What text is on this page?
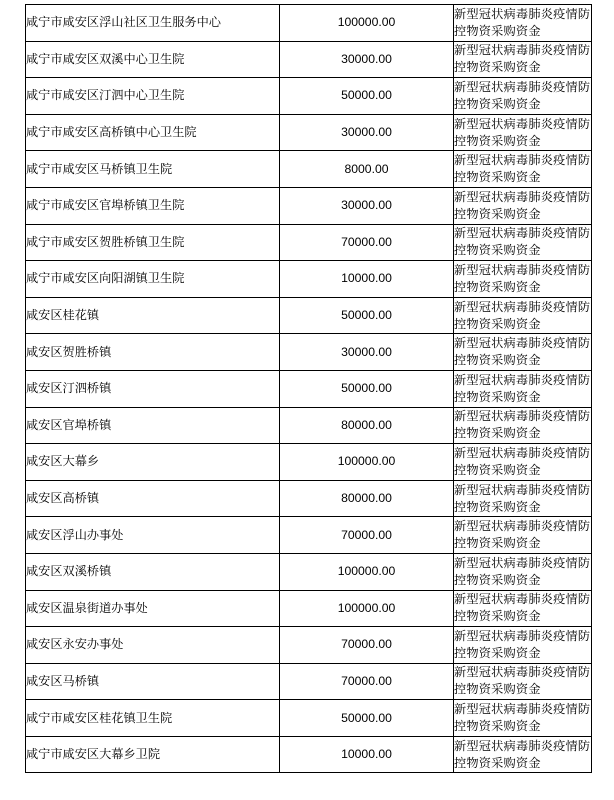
咸宁市咸安区浮山社区卫生服务中心	100000.00	新型冠状病毒肺炎疫情防控物资采购资金
咸宁市咸安区双溪中心卫生院	30000.00	新型冠状病毒肺炎疫情防控物资采购资金
咸宁市咸安区汀泗中心卫生院	50000.00	新型冠状病毒肺炎疫情防控物资采购资金
咸宁市咸安区高桥镇中心卫生院	30000.00	新型冠状病毒肺炎疫情防控物资采购资金
咸宁市咸安区马桥镇卫生院	8000.00	新型冠状病毒肺炎疫情防控物资采购资金
咸宁市咸安区官埠桥镇卫生院	30000.00	新型冠状病毒肺炎疫情防控物资采购资金
咸宁市咸安区贺胜桥镇卫生院	70000.00	新型冠状病毒肺炎疫情防控物资采购资金
咸宁市咸安区向阳湖镇卫生院	10000.00	新型冠状病毒肺炎疫情防控物资采购资金
咸安区桂花镇	50000.00	新型冠状病毒肺炎疫情防控物资采购资金
咸安区贺胜桥镇	30000.00	新型冠状病毒肺炎疫情防控物资采购资金
咸安区汀泗桥镇	50000.00	新型冠状病毒肺炎疫情防控物资采购资金
咸安区官埠桥镇	80000.00	新型冠状病毒肺炎疫情防控物资采购资金
咸安区大幕乡	100000.00	新型冠状病毒肺炎疫情防控物资采购资金
咸安区高桥镇	80000.00	新型冠状病毒肺炎疫情防控物资采购资金
咸安区浮山办事处	70000.00	新型冠状病毒肺炎疫情防控物资采购资金
咸安区双溪桥镇	100000.00	新型冠状病毒肺炎疫情防控物资采购资金
咸安区温泉街道办事处	100000.00	新型冠状病毒肺炎疫情防控物资采购资金
咸安区永安办事处	70000.00	新型冠状病毒肺炎疫情防控物资采购资金
咸安区马桥镇	70000.00	新型冠状病毒肺炎疫情防控物资采购资金
咸宁市咸安区桂花镇卫生院	50000.00	新型冠状病毒肺炎疫情防控物资采购资金
咸宁市咸安区大幕乡卫院	10000.00	新型冠状病毒肺炎疫情防控物资采购资金
